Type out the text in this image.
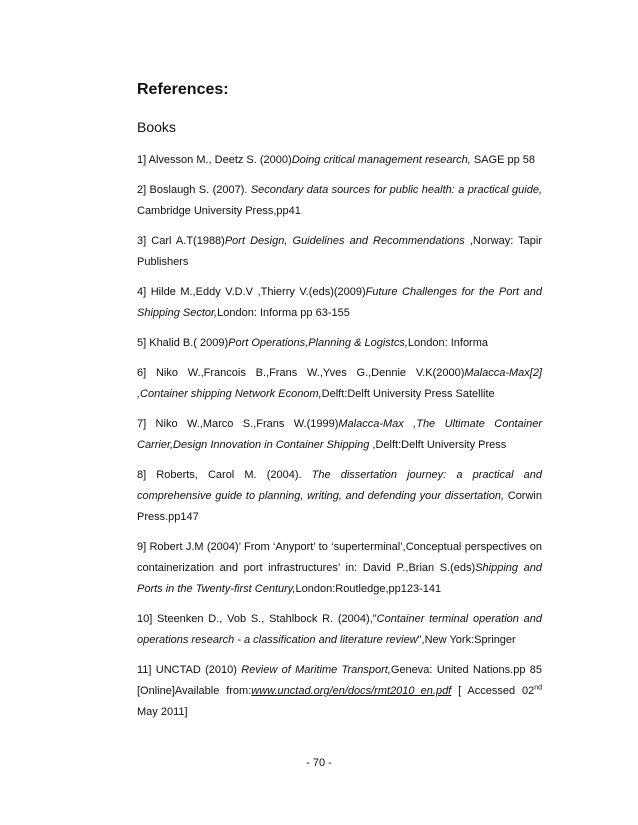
References:
Books

1] Alvesson M., Deetz S. (2000)Doing critical management research, SAGE pp 58

2] Boslaugh S. (2007). Secondary data sources for public health: a practical guide, Cambridge University Press,pp41

3] Carl A.T(1988)Port Design, Guidelines and Recommendations ,Norway: Tapir Publishers

4] Hilde M.,Eddy V.D.V ,Thierry V.(eds)(2009)Future Challenges for the Port and Shipping Sector,London: Informa pp 63-155

5] Khalid B.( 2009)Port Operations,Planning & Logistcs,London: Informa

6] Niko W.,Francois B.,Frans W.,Yves G.,Dennie V.K(2000)Malacca-Max[2] ,Container shipping Network Econom,Delft:Delft University Press Satellite

7] Niko W.,Marco S.,Frans W.(1999)Malacca-Max ,The Ultimate Container Carrier,Design Innovation in Container Shipping ,Delft:Delft University Press

8] Roberts, Carol M. (2004). The dissertation journey: a practical and comprehensive guide to planning, writing, and defending your dissertation, Corwin Press.pp147

9] Robert J.M (2004)’ From ‘Anyport’ to ‘superterminal’,Conceptual perspectives on containerization and port infrastructures’ in: David P.,Brian S.(eds)Shipping and Ports in the Twenty-first Century,London:Routledge,pp123-141

10] Steenken D., Vob S., Stahlbock R. (2004),"Container terminal operation and operations research - a classification and literature review",New York:Springer

11] UNCTAD (2010) Review of Maritime Transport,Geneva: United Nations.pp 85 [Online]Available from:www.unctad.org/en/docs/rmt2010_en.pdf [ Accessed 02nd May 2011]

- 70 -
